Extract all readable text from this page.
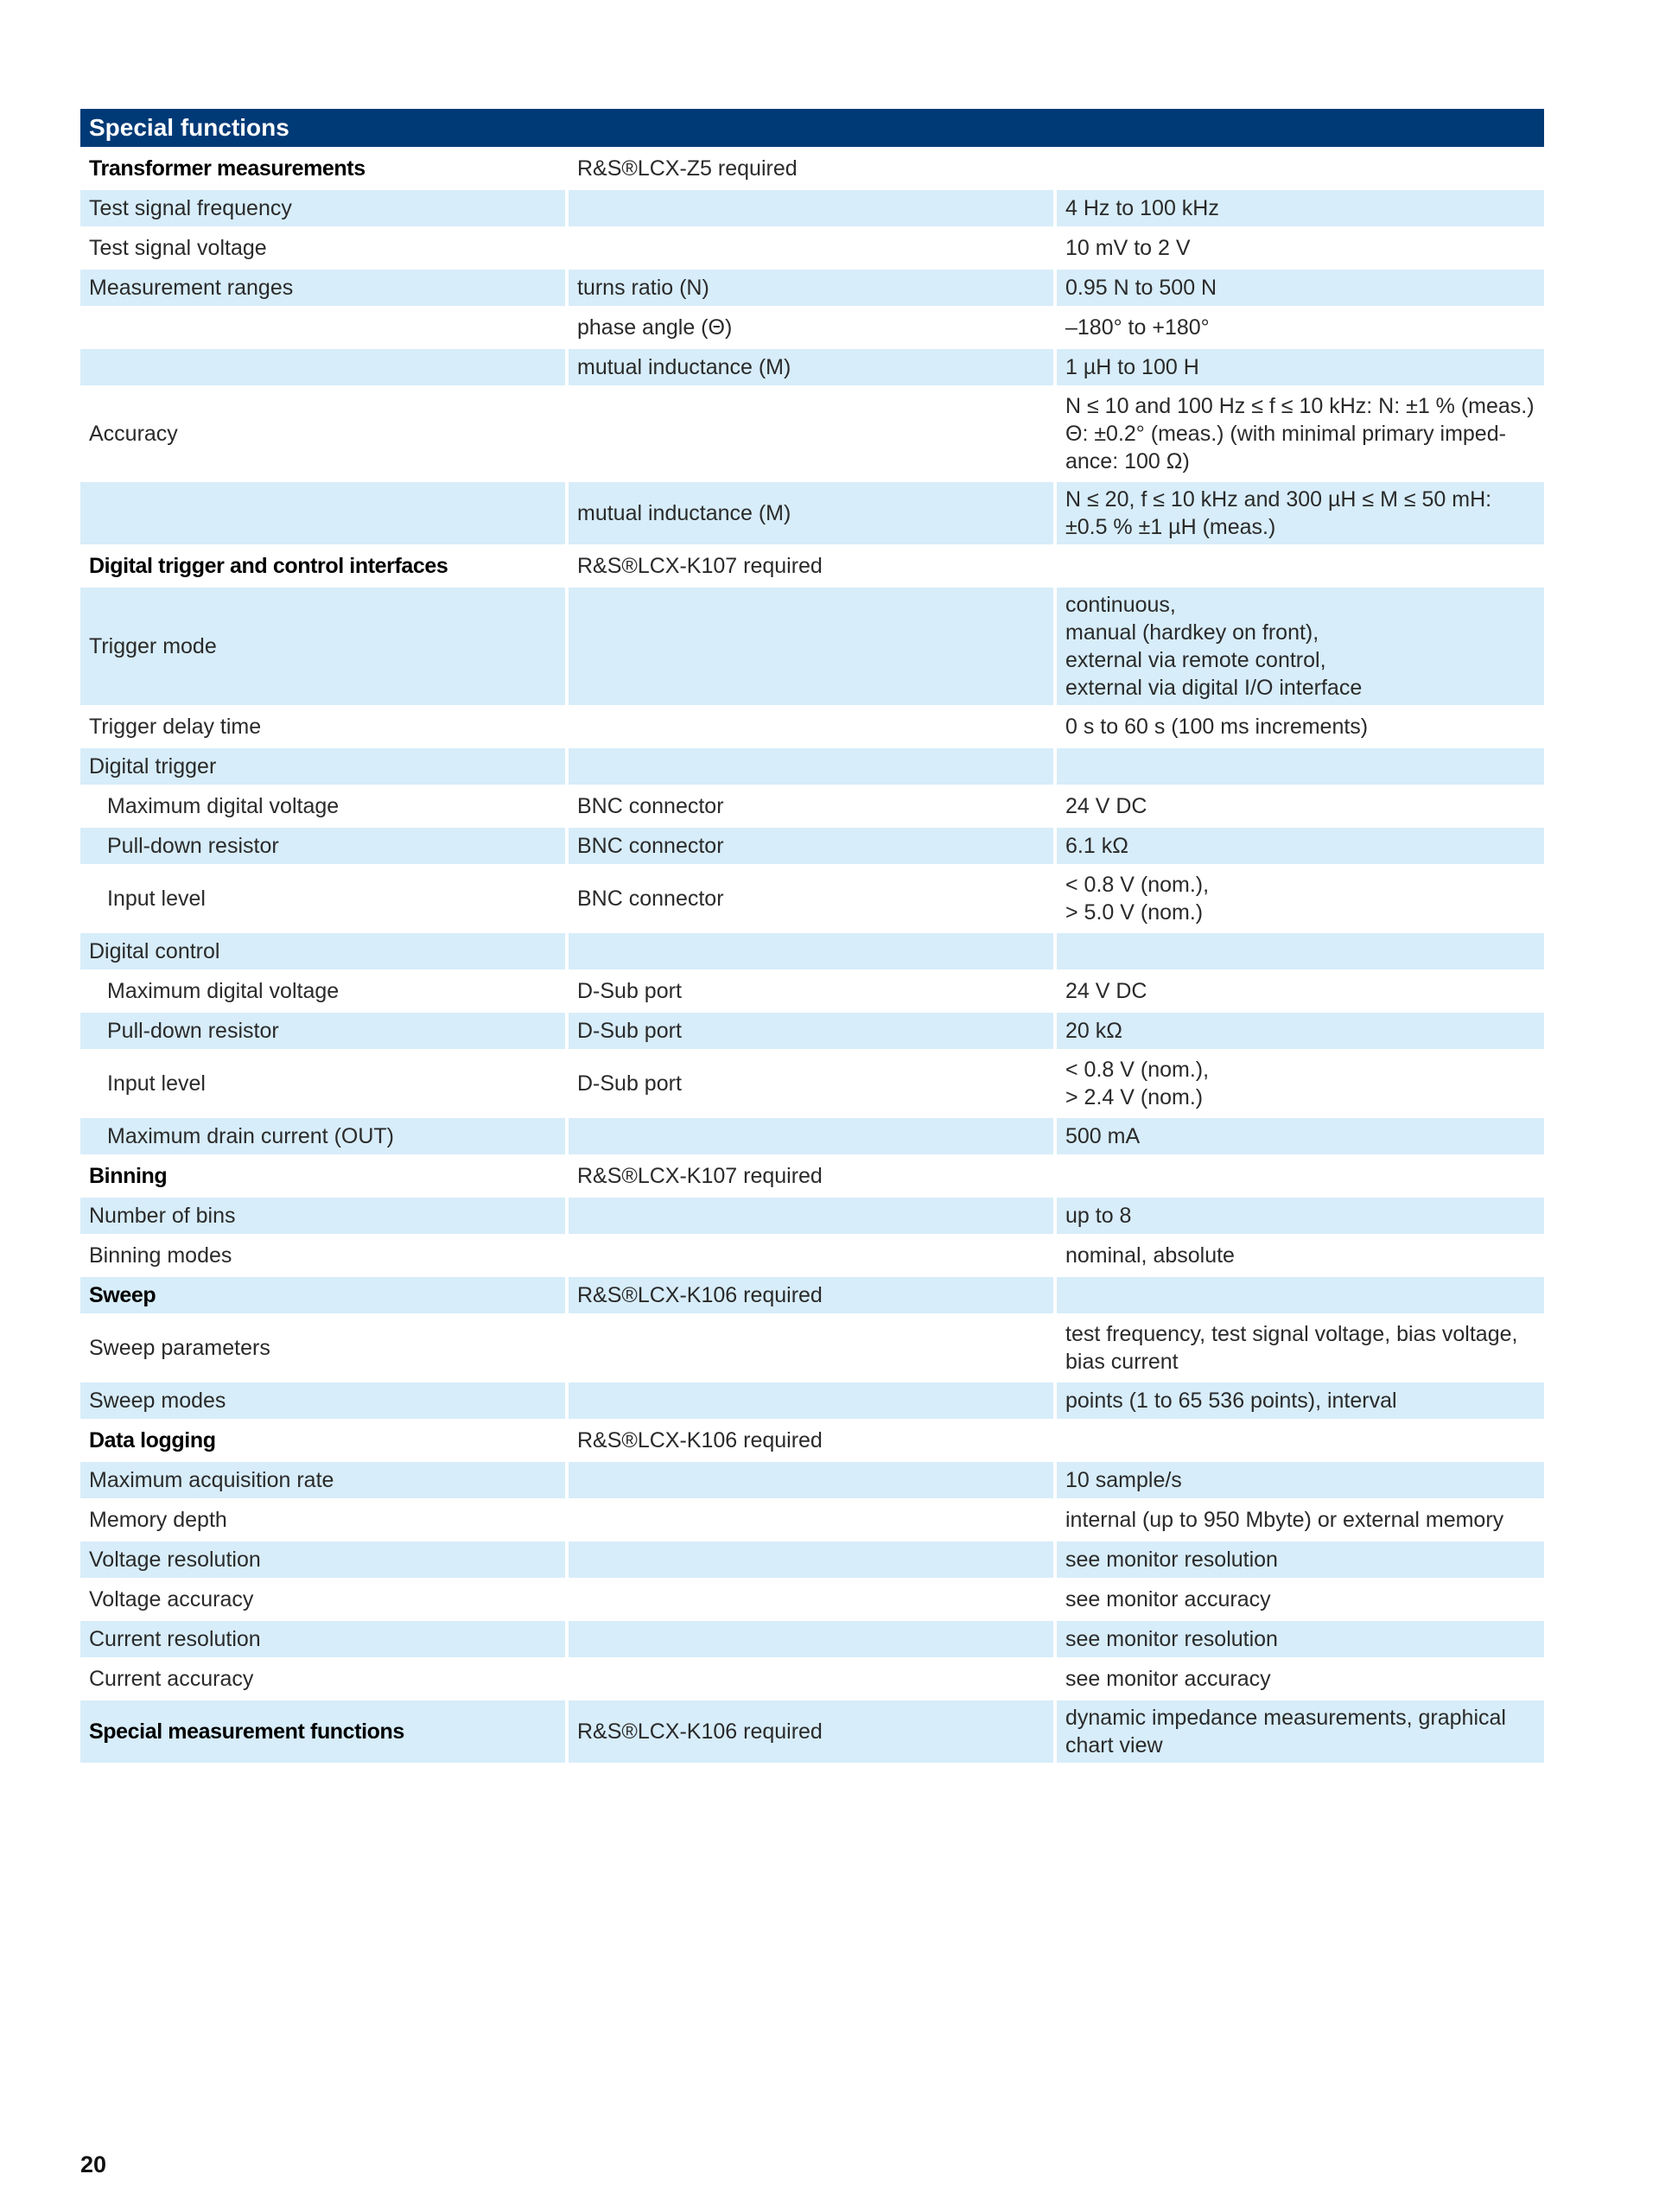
Special functions		
Transformer measurements	R&S®LCX-Z5 required	
Test signal frequency		4 Hz to 100 kHz

Test signal voltage		10 mV to 2 V

Measurement ranges	turns ratio (N)	0.95 N to 500 N

	phase angle (Θ)	–180° to +180°

	mutual inductance (M)	1 µH to 100 H

Accuracy		N ≤ 10 and 100 Hz ≤ f ≤ 10 kHz: N: ±1 % (meas.)
Θ: ±0.2° (meas.) (with minimal primary imped-
ance: 100 Ω)

	mutual inductance (M)	N ≤ 20, f ≤ 10 kHz and 300 µH ≤ M ≤ 50 mH:
±0.5 % ±1 µH (meas.)

Digital trigger and control interfaces	R&S®LCX-K107 required	
Trigger mode		continuous,
manual (hardkey on front),
external via remote control,
external via digital I/O interface

Trigger delay time		0 s to 60 s (100 ms increments)

Digital trigger		
Maximum digital voltage	BNC connector	24 V DC

Pull-down resistor	BNC connector	6.1 kΩ

Input level	BNC connector	< 0.8 V (nom.),
> 5.0 V (nom.)

Digital control		
Maximum digital voltage	D-Sub port	24 V DC

Pull-down resistor	D-Sub port	20 kΩ

Input level	D-Sub port	< 0.8 V (nom.),
> 2.4 V (nom.)

Maximum drain current (OUT)		500 mA

Binning	R&S®LCX-K107 required	
Number of bins		up to 8

Binning modes		nominal, absolute

Sweep	R&S®LCX-K106 required	
Sweep parameters		test frequency, test signal voltage, bias voltage,
bias current

Sweep modes		points (1 to 65 536 points), interval

Data logging	R&S®LCX-K106 required	
Maximum acquisition rate		10 sample/s

Memory depth		internal (up to 950 Mbyte) or external memory

Voltage resolution		see monitor resolution

Voltage accuracy		see monitor accuracy

Current resolution		see monitor resolution

Current accuracy		see monitor accuracy

Special measurement functions	R&S®LCX-K106 required	dynamic impedance measurements, graphical
chart view
20
